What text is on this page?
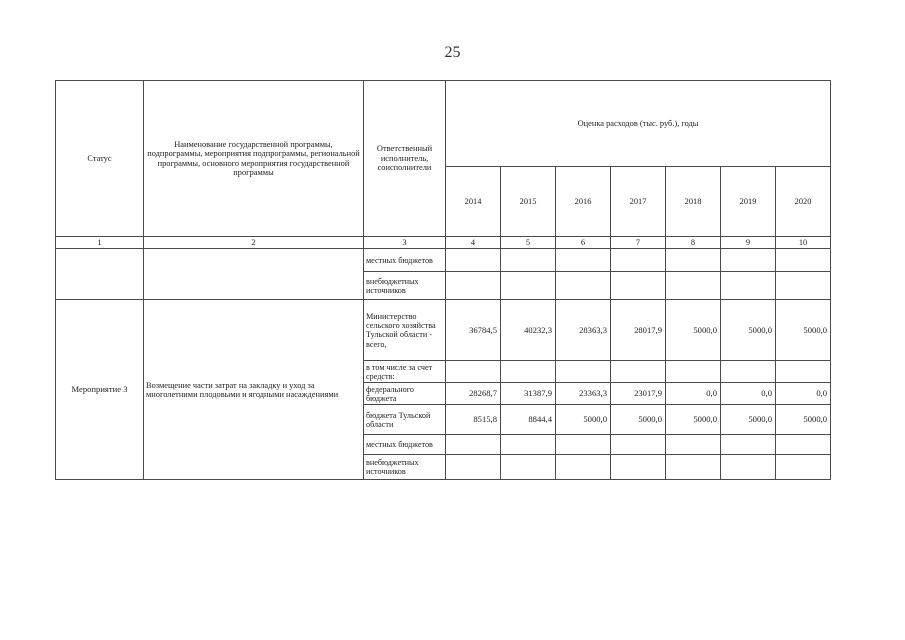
25
Статус	Наименование государственной программы, подпрограммы, мероприятия подпрограммы, региональной программы, основного мероприятия государственной программы	Ответственный исполнитель, соисполнители	Оценка расходов (тыс. руб.), годы						
			2014	2015	2016	2017	2018	2019	2020
1	2	3	4	5	6	7	8	9	10
		местных бюджетов							
		внебюджетных источников							
Мероприятие 3	Возмещение части затрат на закладку и уход за многолетними плодовыми и ягодными насаждениями	Министерство сельского хозяйства Тульской области - всего,	36784,5	40232,3	28363,3	28017,9	5000,0	5000,0	5000,0
		в том числе за счет средств:							
		федерального бюджета	28268,7	31387,9	23363,3	23017,9	0,0	0,0	0,0
		бюджета Тульской области	8515,8	8844,4	5000,0	5000,0	5000,0	5000,0	5000,0
		местных бюджетов							
		внебюджетных источников							
